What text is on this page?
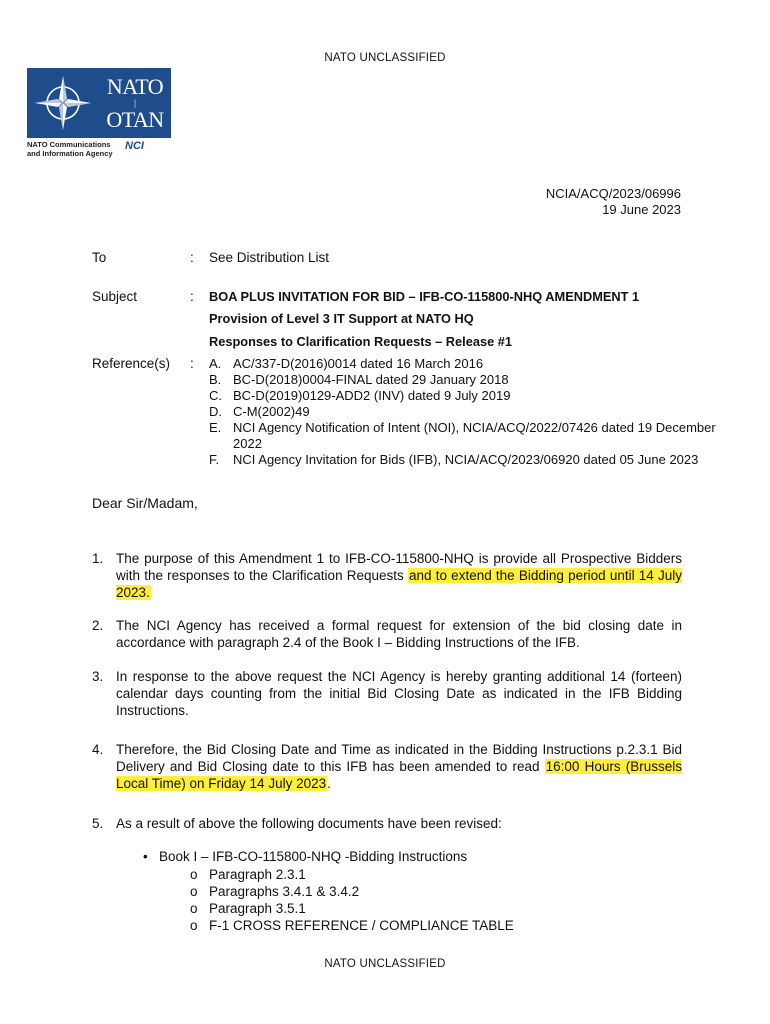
NATO UNCLASSIFIED
NATO
|
OTAN
NATO Communications
and Information Agency
NCI
NCIA/ACQ/2023/06996
19 June 2023
To	: See Distribution List
Subject	: BOA PLUS INVITATION FOR BID – IFB-CO-115800-NHQ AMENDMENT 1
Provision of Level 3 IT Support at NATO HQ
Responses to Clarification Requests – Release #1
Reference(s) : A. AC/337-D(2016)0014 dated 16 March 2016
B. BC-D(2018)0004-FINAL dated 29 January 2018
C. BC-D(2019)0129-ADD2 (INV) dated 9 July 2019
D. C-M(2002)49
E. NCI Agency Notification of Intent (NOI), NCIA/ACQ/2022/07426 dated 19 December 2022
F.	NCI Agency Invitation for Bids (IFB), NCIA/ACQ/2023/06920 dated 05 June 2023
Dear Sir/Madam,
1. The purpose of this Amendment 1 to IFB-CO-115800-NHQ is provide all Prospective Bidders with the responses to the Clarification Requests and to extend the Bidding period until 14 July 2023.
2. The NCI Agency has received a formal request for extension of the bid closing date in accordance with paragraph 2.4 of the Book I – Bidding Instructions of the IFB.
3. In response to the above request the NCI Agency is hereby granting additional 14 (forteen) calendar days counting from the initial Bid Closing Date as indicated in the IFB Bidding Instructions.
4. Therefore, the Bid Closing Date and Time as indicated in the Bidding Instructions p.2.3.1 Bid Delivery and Bid Closing date to this IFB has been amended to read 16:00 Hours (Brussels Local Time) on Friday 14 July 2023.
5. As a result of above the following documents have been revised:
• Book I – IFB-CO-115800-NHQ -Bidding Instructions
o Paragraph 2.3.1
o Paragraphs 3.4.1 & 3.4.2
o Paragraph 3.5.1
o F-1 CROSS REFERENCE / COMPLIANCE TABLE
NATO UNCLASSIFIED
